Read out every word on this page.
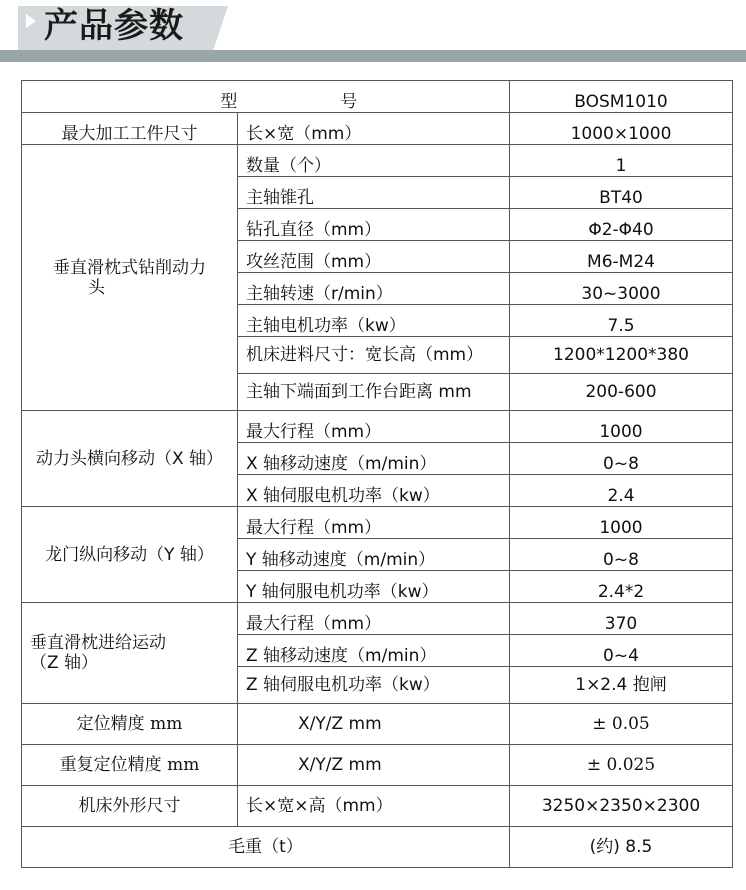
产品参数
型 号		BOSM1010
最大加工工件尺寸	长×宽（mm）	1000×1000

垂直滑枕式钻削动力
头	数量（个）	1
	主轴锥孔	BT40
	钻孔直径（mm）	Φ2-Φ40
	攻丝范围（mm）	M6-M24
	主轴转速（r/min）	30~3000
	主轴电机功率（kw）	7.5
	机床进料尺寸：宽长高（mm）	1200*1200*380
	主轴下端面到工作台距离 mm	200-600
动力头横向移动（X 轴）	最大行程（mm）	1000
	X 轴移动速度（m/min）	0~8
	X 轴伺服电机功率（kw）	2.4
龙门纵向移动（Y 轴）	最大行程（mm）	1000
	Y 轴移动速度（m/min）	0~8
	Y 轴伺服电机功率（kw）	2.4*2

垂直滑枕进给运动
（Z 轴）	最大行程（mm）	370
	Z 轴移动速度（m/min）	0~4
	Z 轴伺服电机功率（kw）	1×2.4 抱闸
定位精度 mm	X/Y/Z mm	± 0.05
重复定位精度 mm	X/Y/Z mm	± 0.025
机床外形尺寸	长×宽×高（mm）	3250×2350×2300
毛重（t）		(约) 8.5
